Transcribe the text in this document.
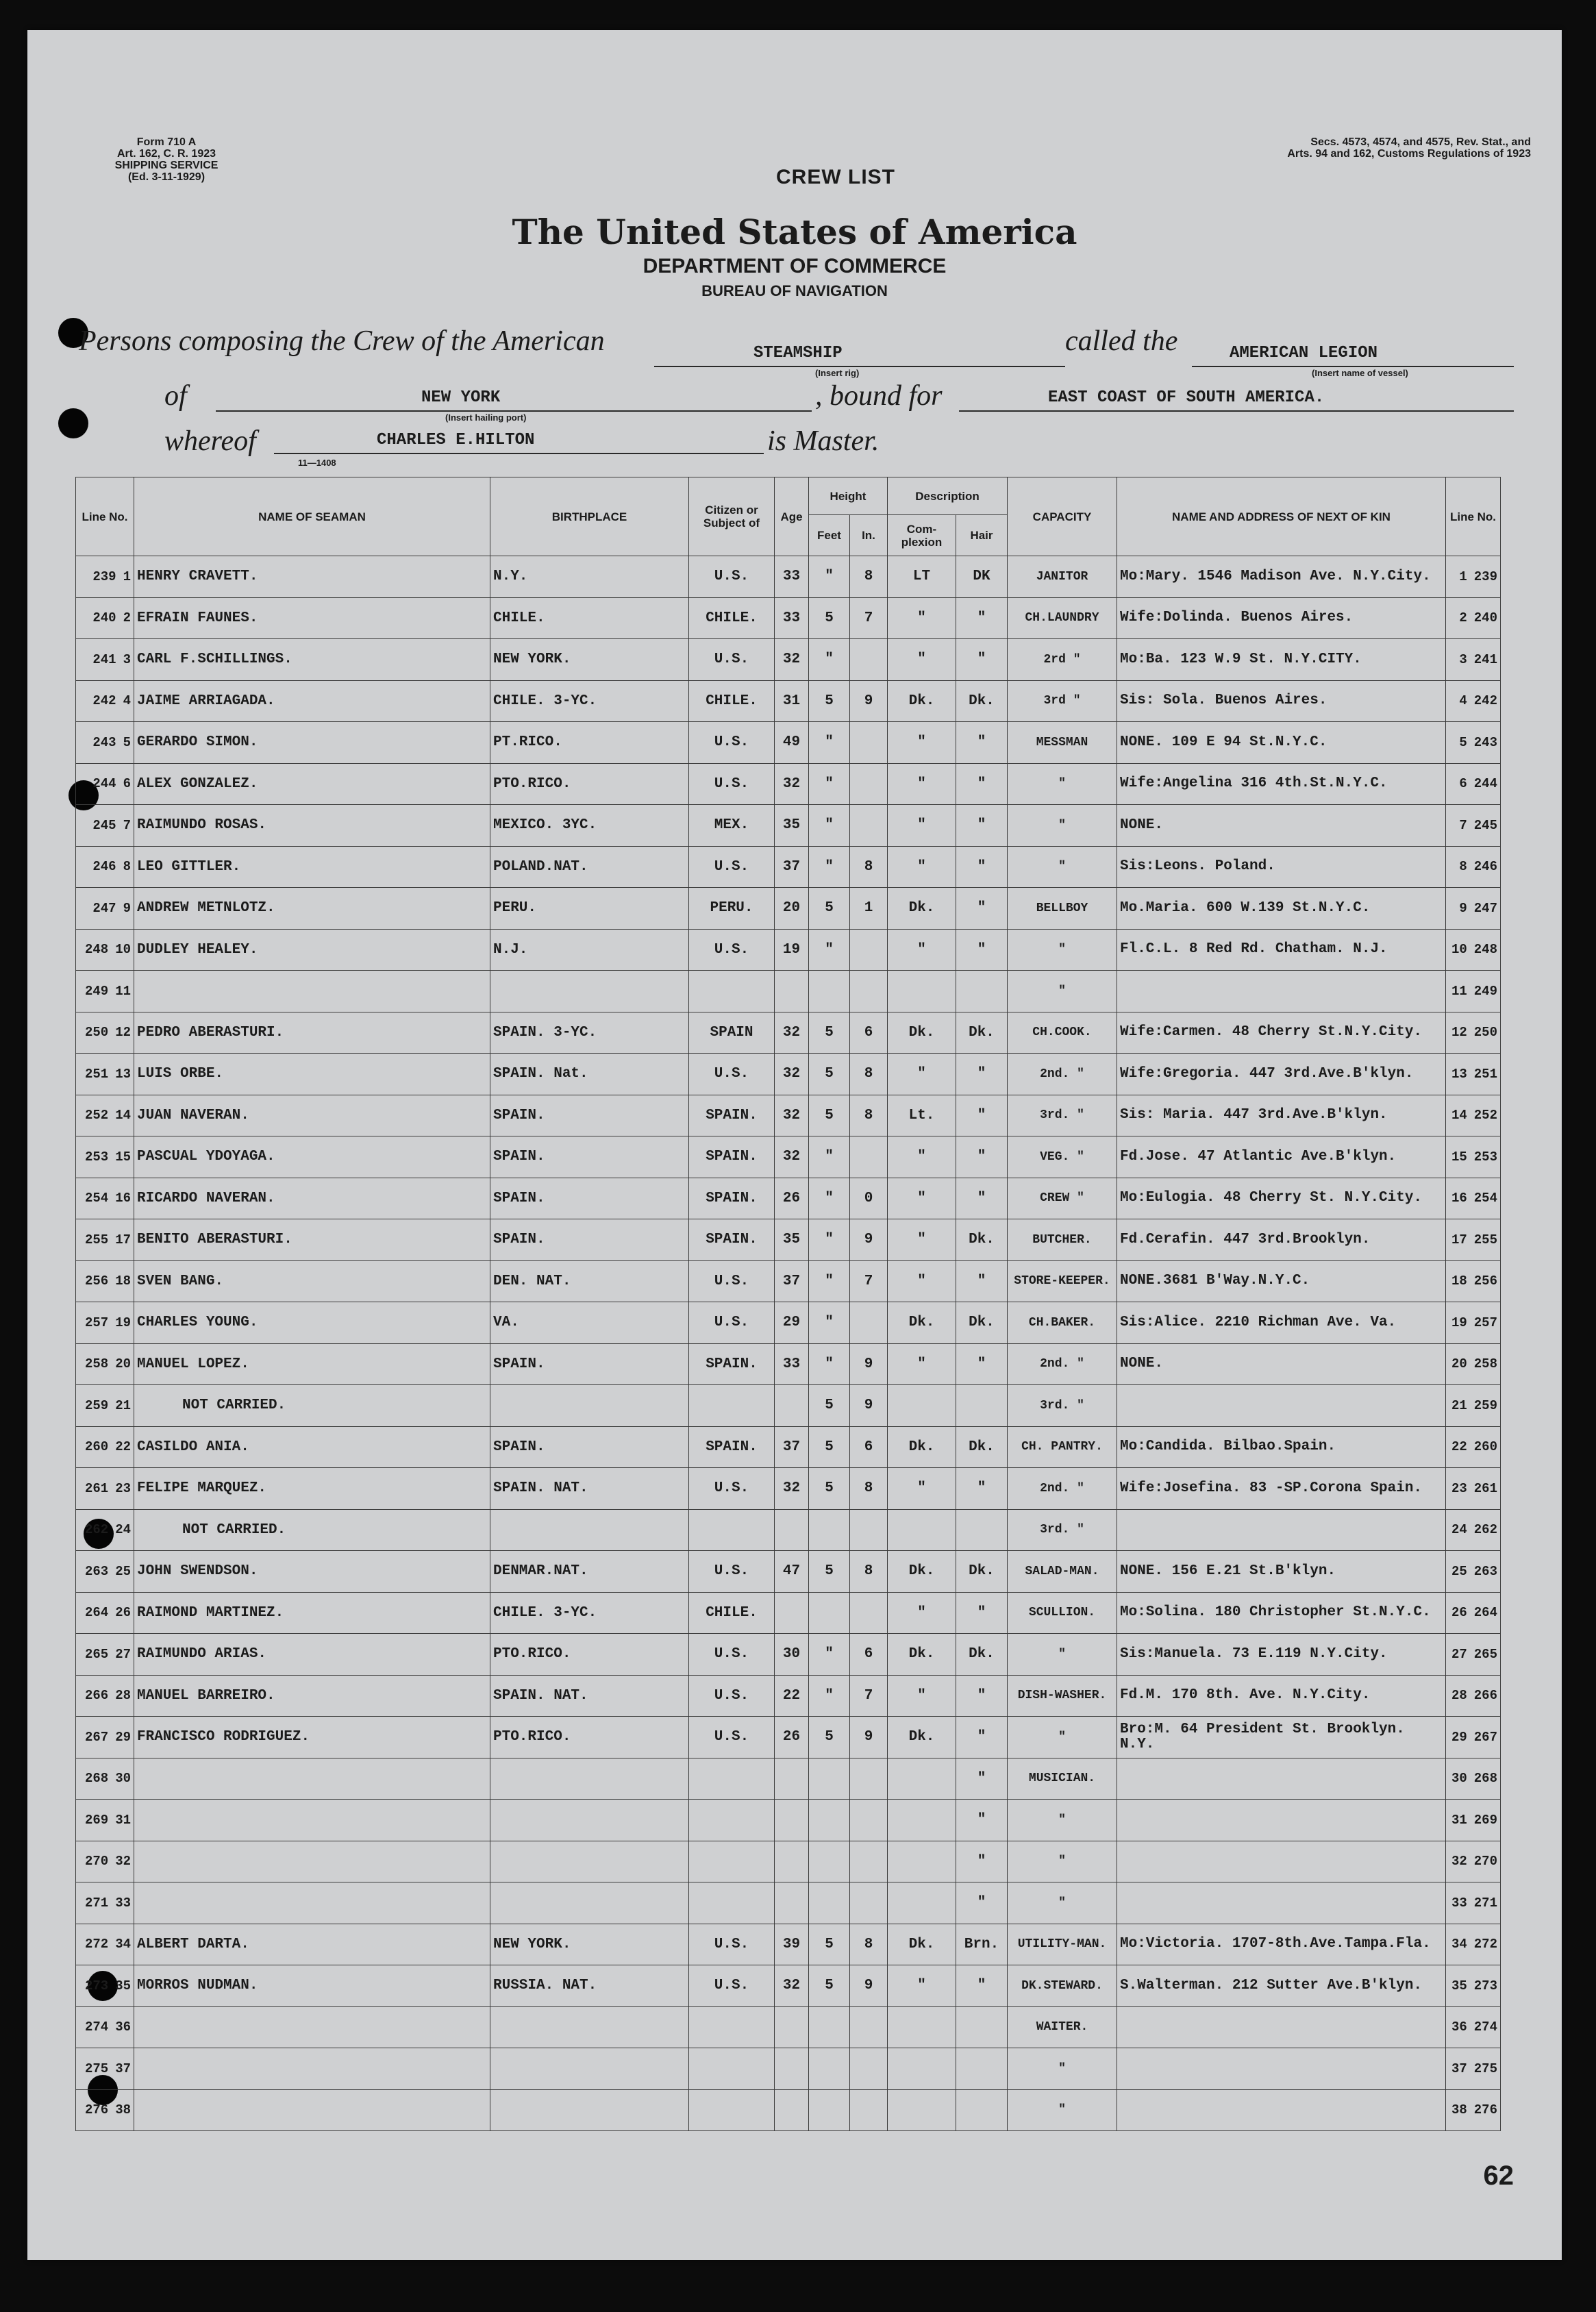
Form 710 A
Art. 162, C. R. 1923
SHIPPING SERVICE
(Ed. 3-11-1929)	CREW LIST
Secs. 4573, 4574, and 4575, Rev. Stat., and
Arts. 94 and 162, Customs Regulations of 1923
The United States of America
DEPARTMENT OF COMMERCE
BUREAU OF NAVIGATION
Persons composing the Crew of the American	STEAMSHIP
(Insert rig)
called the	AMERICAN LEGION
(Insert name of vessel)
of	NEW YORK
(Insert hailing port)
, bound for	EAST COAST OF SOUTH AMERICA.
whereof	CHARLES E.HILTON
11—1408
is Master.
Line No.	NAME OF SEAMAN	BIRTHPLACE	Citizen or Subject of	Age	Height		Description		CAPACITY	NAME AND ADDRESS OF NEXT OF KIN	Line No.
					Feet	In.	Com- plexion	Hair			
239 1	HENRY CRAVETT.	N.Y.	U.S.	33	"	8	LT	DK	JANITOR	Mo:Mary. 1546 Madison Ave. N.Y.City.	1 239
240 2	EFRAIN FAUNES.	CHILE.	CHILE.	33	5	7	"	"	CH.LAUNDRY	Wife:Dolinda. Buenos Aires.	2 240
241 3	CARL F.SCHILLINGS.	NEW YORK.	U.S.	32	"		"	"	2rd "	Mo:Ba. 123 W.9 St. N.Y.CITY.	3 241
242 4	JAIME ARRIAGADA.	CHILE. 3-YC.	CHILE.	31	5	9	Dk.	Dk.	3rd "	Sis: Sola. Buenos Aires.	4 242
243 5	GERARDO SIMON.	PT.RICO.	U.S.	49	"		"	"	MESSMAN	NONE. 109 E 94 St.N.Y.C.	5 243
244 6	ALEX GONZALEZ.	PTO.RICO.	U.S.	32	"		"	"	"	Wife:Angelina 316 4th.St.N.Y.C.	6 244
245 7	RAIMUNDO ROSAS.	MEXICO. 3YC.	MEX.	35	"		"	"	"	NONE.	7 245
246 8	LEO GITTLER.	POLAND.NAT.	U.S.	37	"	8	"	"	"	Sis:Leons. Poland.	8 246
247 9	ANDREW METNLOTZ.	PERU.	PERU.	20	5	1	Dk.	"	BELLBOY	Mo.Maria. 600 W.139 St.N.Y.C.	9 247
248 10	DUDLEY HEALEY.	N.J.	U.S.	19	"		"	"	"	Fl.C.L. 8 Red Rd. Chatham. N.J.	10 248
249 11									"		11 249
250 12	PEDRO ABERASTURI.	SPAIN. 3-YC.	SPAIN	32	5	6	Dk.	Dk.	CH.COOK.	Wife:Carmen. 48 Cherry St.N.Y.City.	12 250
251 13	LUIS ORBE.	SPAIN. Nat.	U.S.	32	5	8	"	"	2nd. "	Wife:Gregoria. 447 3rd.Ave.B'klyn.	13 251
252 14	JUAN NAVERAN.	SPAIN.	SPAIN.	32	5	8	Lt.	"	3rd. "	Sis: Maria. 447 3rd.Ave.B'klyn.	14 252
253 15	PASCUAL YDOYAGA.	SPAIN.	SPAIN.	32	"		"	"	VEG. "	Fd.Jose. 47 Atlantic Ave.B'klyn.	15 253
254 16	RICARDO NAVERAN.	SPAIN.	SPAIN.	26	"	0	"	"	CREW "	Mo:Eulogia. 48 Cherry St. N.Y.City.	16 254
255 17	BENITO ABERASTURI.	SPAIN.	SPAIN.	35	"	9	"	Dk.	BUTCHER.	Fd.Cerafin. 447 3rd.Brooklyn.	17 255
256 18	SVEN BANG.	DEN. NAT.	U.S.	37	"	7	"	"	STORE-KEEPER.	NONE.3681 B'Way.N.Y.C.	18 256
257 19	CHARLES YOUNG.	VA.	U.S.	29	"		Dk.	Dk.	CH.BAKER.	Sis:Alice. 2210 Richman Ave. Va.	19 257
258 20	MANUEL LOPEZ.	SPAIN.	SPAIN.	33	"	9	"	"	2nd. "	NONE.	20 258
259 21	NOT CARRIED.				5	9			3rd. "		21 259
260 22	CASILDO ANIA.	SPAIN.	SPAIN.	37	5	6	Dk.	Dk.	CH. PANTRY.	Mo:Candida. Bilbao.Spain.	22 260
261 23	FELIPE MARQUEZ.	SPAIN. NAT.	U.S.	32	5	8	"	"	2nd. "	Wife:Josefina. 83 -SP.Corona Spain.	23 261
262 24	NOT CARRIED.								3rd. "		24 262
263 25	JOHN SWENDSON.	DENMAR.NAT.	U.S.	47	5	8	Dk.	Dk.	SALAD-MAN.	NONE. 156 E.21 St.B'klyn.	25 263
264 26	RAIMOND MARTINEZ.	CHILE. 3-YC.	CHILE.				"	"	SCULLION.	Mo:Solina. 180 Christopher St.N.Y.C.	26 264
265 27	RAIMUNDO ARIAS.	PTO.RICO.	U.S.	30	"	6	Dk.	Dk.	"	Sis:Manuela. 73 E.119 N.Y.City.	27 265
266 28	MANUEL BARREIRO.	SPAIN. NAT.	U.S.	22	"	7	"	"	DISH-WASHER.	Fd.M. 170 8th. Ave. N.Y.City.	28 266
267 29	FRANCISCO RODRIGUEZ.	PTO.RICO.	U.S.	26	5	9	Dk.	"	"	Bro:M. 64 President St. Brooklyn. N.Y.	29 267
268 30								"	MUSICIAN.		30 268
269 31								"	"		31 269
270 32								"	"		32 270
271 33								"	"		33 271
272 34	ALBERT DARTA.	NEW YORK.	U.S.	39	5	8	Dk.	Brn.	UTILITY-MAN.	Mo:Victoria. 1707-8th.Ave.Tampa.Fla.	34 272
273 35	MORROS NUDMAN.	RUSSIA. NAT.	U.S.	32	5	9	"	"	DK.STEWARD.	S.Walterman. 212 Sutter Ave.B'klyn.	35 273
274 36									WAITER.		36 274
275 37									"		37 275
276 38									"		38 276
62
